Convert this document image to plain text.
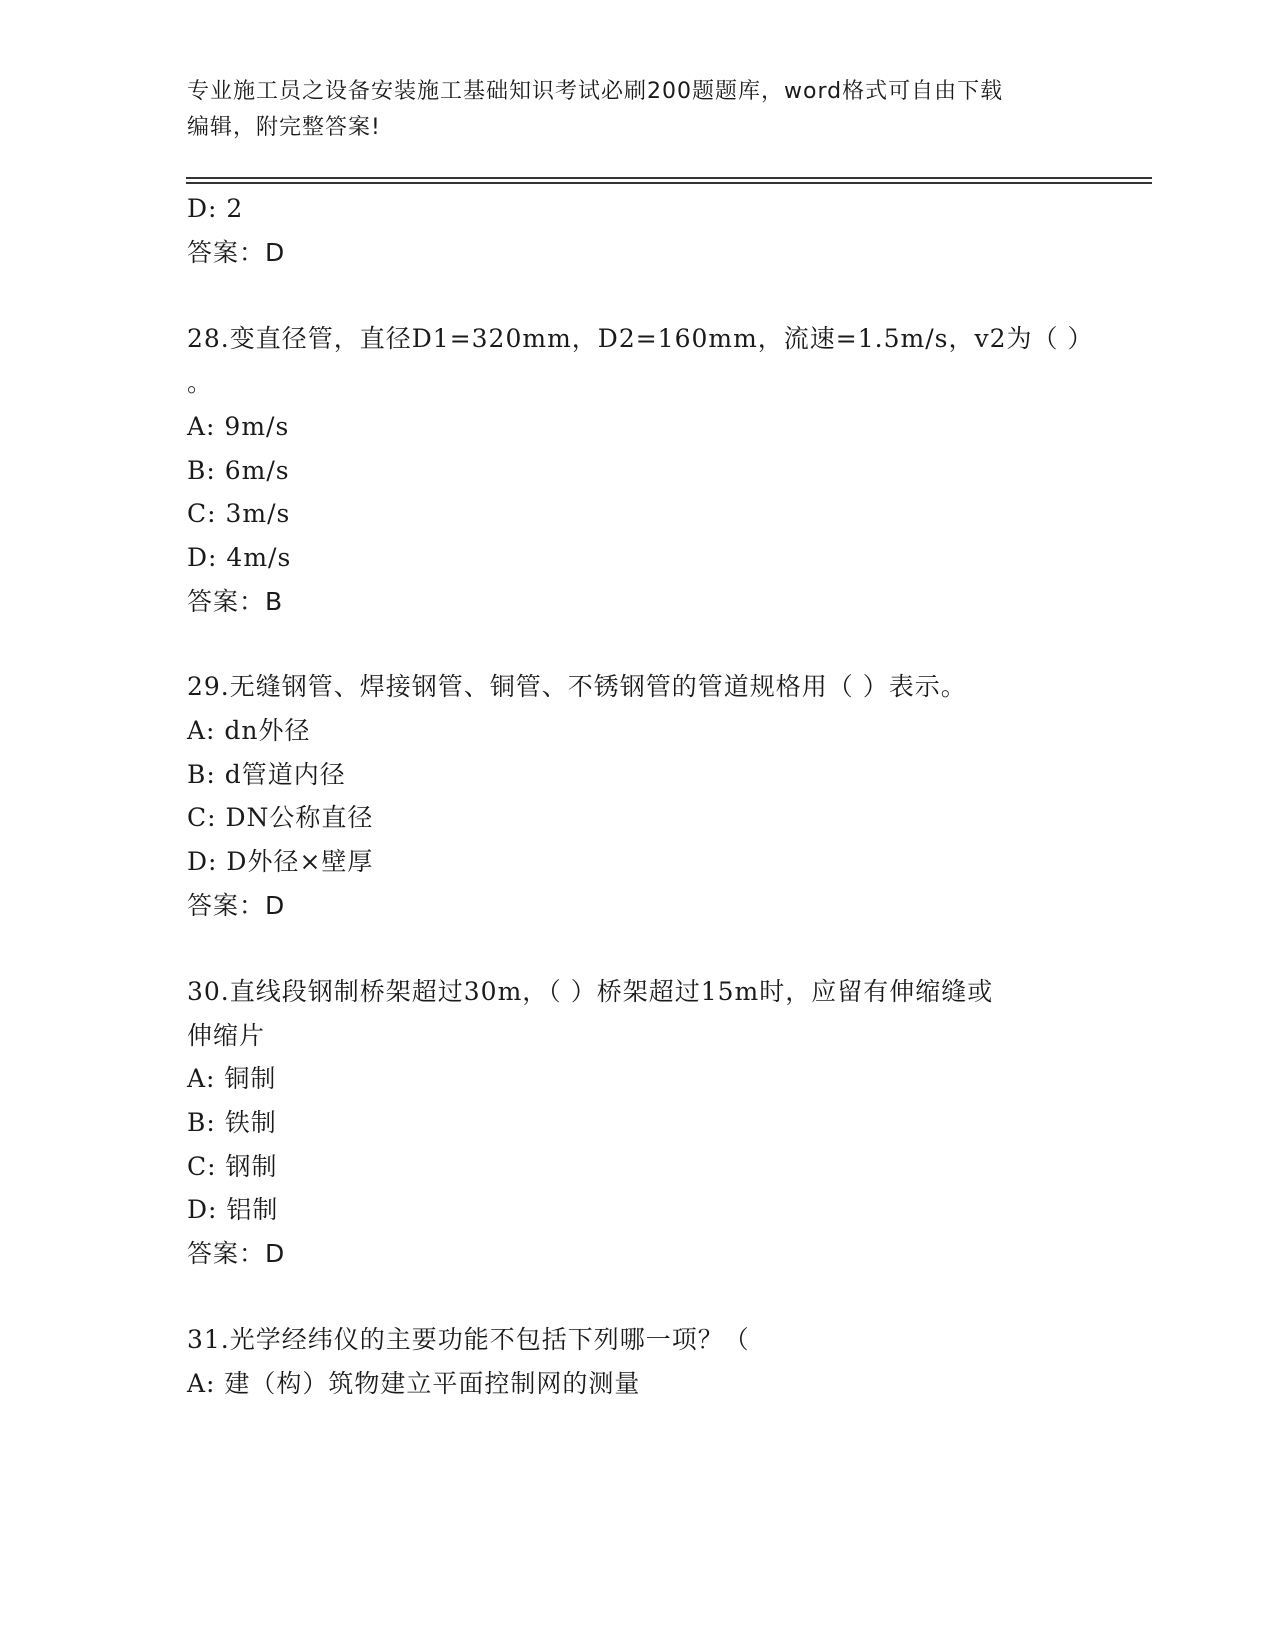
专业施工员之设备安装施工基础知识考试必刷200题题库，word格式可自由下载
编辑，附完整答案!
D: 2
答案：D
28.变直径管，直径D1=320mm，D2=160mm，流速=1.5m/s，v2为（ ）
。
A: 9m/s
B: 6m/s
C: 3m/s
D: 4m/s
答案：B
29.无缝钢管、焊接钢管、铜管、不锈钢管的管道规格用（ ）表示。
A: dn外径
B: d管道内径
C: DN公称直径
D: D外径×壁厚
答案：D
30.直线段钢制桥架超过30m，（ ）桥架超过15m时，应留有伸缩缝或
伸缩片
A: 铜制
B: 铁制
C: 钢制
D: 铝制
答案：D
31.光学经纬仪的主要功能不包括下列哪一项？（
A: 建（构）筑物建立平面控制网的测量
